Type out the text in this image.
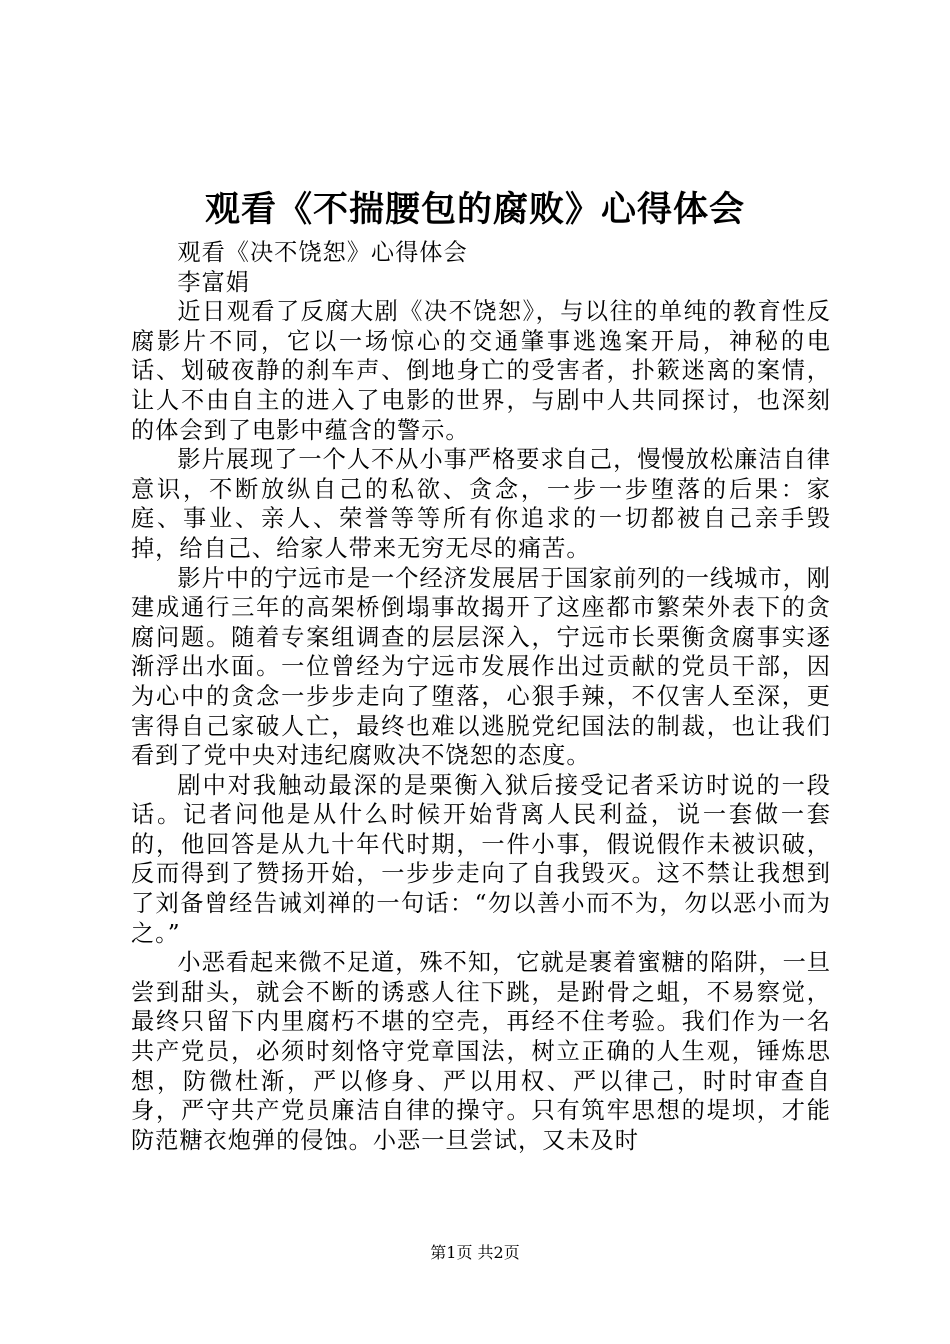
观看《不揣腰包的腐败》心得体会

观看《决不饶恕》心得体会

李富娟

近日观看了反腐大剧《决不饶恕》，与以往的单纯的教育性反腐影片不同，它以一场惊心的交通肇事逃逸案开局，神秘的电话、划破夜静的刹车声、倒地身亡的受害者，扑簌迷离的案情，让人不由自主的进入了电影的世界，与剧中人共同探讨，也深刻的体会到了电影中蕴含的警示。

影片展现了一个人不从小事严格要求自己，慢慢放松廉洁自律意识，不断放纵自己的私欲、贪念，一步一步堕落的后果：家庭、事业、亲人、荣誉等等所有你追求的一切都被自己亲手毁掉，给自己、给家人带来无穷无尽的痛苦。

影片中的宁远市是一个经济发展居于国家前列的一线城市，刚建成通行三年的高架桥倒塌事故揭开了这座都市繁荣外表下的贪腐问题。随着专案组调查的层层深入，宁远市长栗衡贪腐事实逐渐浮出水面。一位曾经为宁远市发展作出过贡献的党员干部，因为心中的贪念一步步走向了堕落，心狠手辣，不仅害人至深，更害得自己家破人亡，最终也难以逃脱党纪国法的制裁，也让我们看到了党中央对违纪腐败决不饶恕的态度。

剧中对我触动最深的是栗衡入狱后接受记者采访时说的一段话。记者问他是从什么时候开始背离人民利益，说一套做一套的，他回答是从九十年代时期，一件小事，假说假作未被识破，反而得到了赞扬开始，一步步走向了自我毁灭。这不禁让我想到了刘备曾经告诫刘禅的一句话：“勿以善小而不为，勿以恶小而为之。”

小恶看起来微不足道，殊不知，它就是裹着蜜糖的陷阱，一旦尝到甜头，就会不断的诱惑人往下跳，是跗骨之蛆，不易察觉，最终只留下内里腐朽不堪的空壳，再经不住考验。我们作为一名共产党员，必须时刻恪守党章国法，树立正确的人生观，锤炼思想，防微杜渐，严以修身、严以用权、严以律己，时时审查自身，严守共产党员廉洁自律的操守。只有筑牢思想的堤坝，才能防范糖衣炮弹的侵蚀。小恶一旦尝试，又未及时

第1页 共2页
